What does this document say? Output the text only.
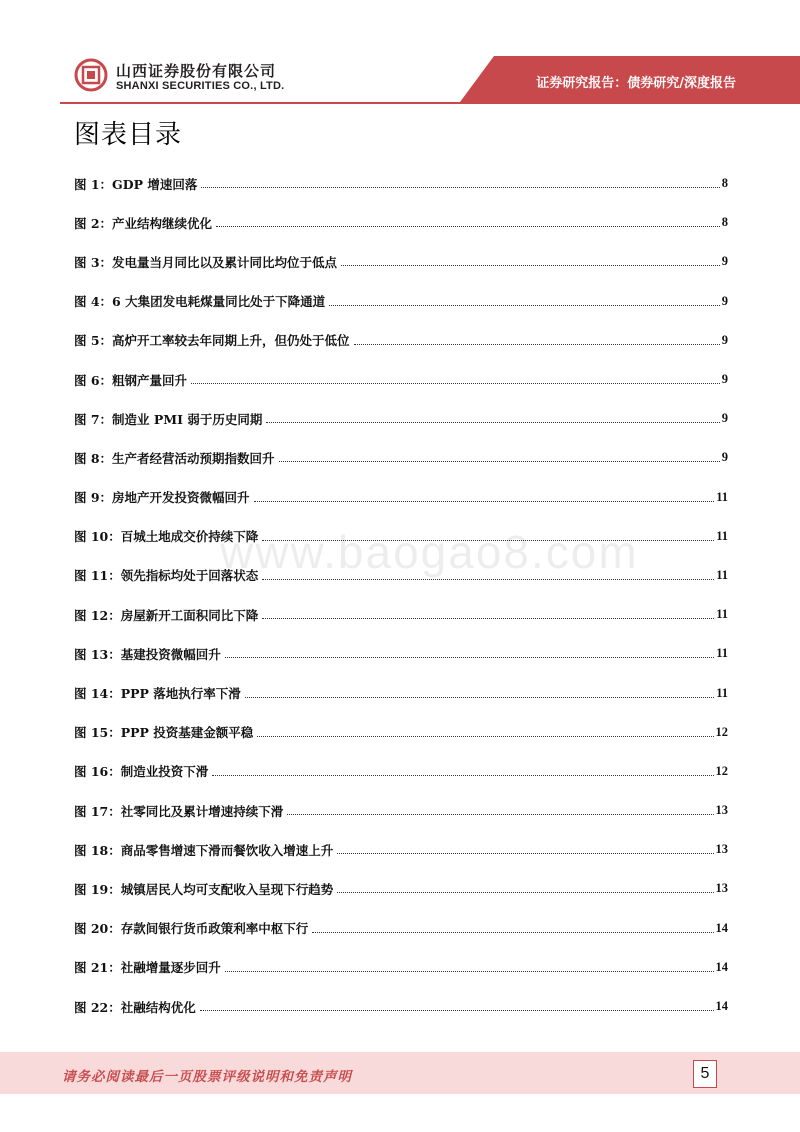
山西证券股份有限公司
SHANXI SECURITIES CO., LTD.	证券研究报告：债券研究/深度报告
图表目录
www.baogao8.com
图 1：GDP 增速回落	8
图 2：产业结构继续优化	8
图 3：发电量当月同比以及累计同比均位于低点	9
图 4：6 大集团发电耗煤量同比处于下降通道	9
图 5：高炉开工率较去年同期上升，但仍处于低位	9
图 6：粗钢产量回升	9
图 7：制造业 PMI 弱于历史同期	9
图 8：生产者经营活动预期指数回升	9
图 9：房地产开发投资微幅回升	11
图 10：百城土地成交价持续下降	11
图 11：领先指标均处于回落状态	11
图 12：房屋新开工面积同比下降	11
图 13：基建投资微幅回升	11
图 14：PPP 落地执行率下滑	11
图 15：PPP 投资基建金额平稳	12
图 16：制造业投资下滑	12
图 17：社零同比及累计增速持续下滑	13
图 18：商品零售增速下滑而餐饮收入增速上升	13
图 19：城镇居民人均可支配收入呈现下行趋势	13
图 20：存款间银行货币政策利率中枢下行	14
图 21：社融增量逐步回升	14
图 22：社融结构优化	14
请务必阅读最后一页股票评级说明和免责声明	5
